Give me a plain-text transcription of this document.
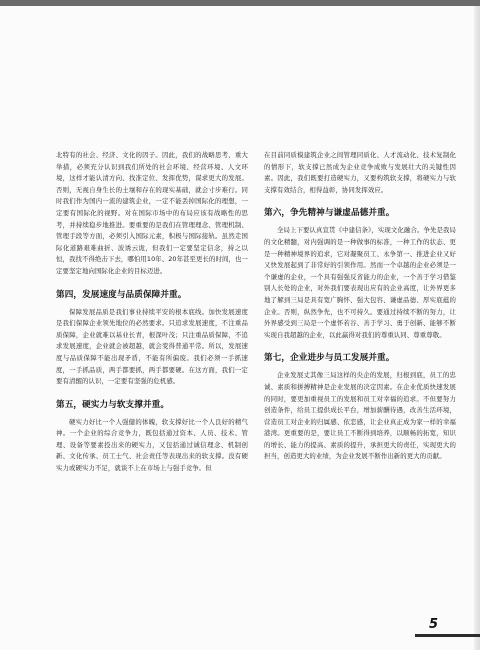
北特有的社会、经济、文化的因子。因此，我们的战略思考、重大举措，必须充分认识到我们所处的社会环境、经营环境、人文环境，这样才能认清方向、找准定位、发挥优势，谋求更大的发展。否则，无视自身生长的土壤和存在的现实基础，就会寸步难行。同时我们作为国内一流的建筑企业，一定不能丢掉国际化的理想，一定要有国际化的视野。对在国际市场中的布局应该有战略性的思考，并持续稳步地推进。要重要的是我们在管理理念、管理机制、管理手段等方面，必须引入国际元素，积极与国际接轨。虽然走国际化道路艰难曲折、波诱云诡，但我们一定要坚定信念，持之以恒，我找不得绝击下去，哪怕用10年、20年甚至更长的时间，也一定要坚定地向国际化企业的目标迈进。

第四，发展速度与品质保障并重。

保障发展品质是我们事业持续平安的根本底线。加快发展速度是我们保障企业领先地位的必然要求。只追求发展速度，不注重品质保障，企业就难以基业长青，根深叶茂；只注重品质保障，不追求发展速度，企业就会被超越，就会变得普通平常。所以，发展速度与品质保障不能出现矛盾，不能有所偏废。我们必须一手抓速度，一手抓品质，两手都要抓，两手都要硬。在这方面，我们一定要有清醒的认识，一定要有坚强的危机感。

第五，硬实力与软支撑并重。

硬实力好比一个人强健的体魄，软支撑好比一个人良好的精气神。一个企业的综合竞争力，既包括通过资本、人员、技术、管理、设备等要素投出来的硬实力，又包括通过诚信理念、机制创新、文化传承、员工士气、社会责任等表现出来的软支撑。没有硬实力或硬实力不足，就谈不上在市场上与强手竞争。但

在目前同质模建筑企业之间管理同质化、人才流动化、技术复制化的情形下，软支撑已然成为企业竞争成败与发展壮大的关键性因素。因此，我们既要打造硬实力，又要构筑软支撑，将硬实力与软支撑有效结合，相得益彰，协同发挥效应。

第六，争先精神与谦虚品德并重。

全局上下要认真宣贯《中建信条》，实现文化融合。争先是我局的文化精髓，对内强调的是一种做事的标准，一种工作的状态、更是一种精神境界的追求，它对凝聚员工、永争第一、推进企业又好又快发展起到了非常好的引领作用。然而一个卓越的企业必须是一个谦虚的企业，一个具有强强反省能力的企业，一个善于学习借鉴别人长处的企业，对外我们要表现出应有的企业高度，让外界更多地了解到三局是具有宽广胸怀、强大包容、谦虚品德、厚实底蕴的企业。否则，纵然争先，也不可持久。要通过持续不断的努力，让外界感受到三局是一个虚怀若谷、善于学习、勇于创新、能够不断实现自我超越的企业，以此赢得对我们的尊重认同、尊重尊敬。

第七，企业进步与员工发展并重。

企业发展丈其像三局这样的央企的发展，归根到底，员工的忠诚、素质和拼搏精神是企业发展的决定因素。在企业优质快速发展的同时，要更加重视员工的发展和员工对幸福的追求。不但要努力创造条件，给员工提供成长平台，增加薪酬待遇，改善生活环境，营造员工对企业的归属感、依恋感，让企业真正成为家一样的幸福港湾。更重要的是，要让员工不断得到培养，以顺畅的拓宽，知识的增长、能力的提高、素质的提升，承担更大的责任，实现更大的担当，创造更大的业绩，为企业发展不断作出新的更大的贡献。

5
